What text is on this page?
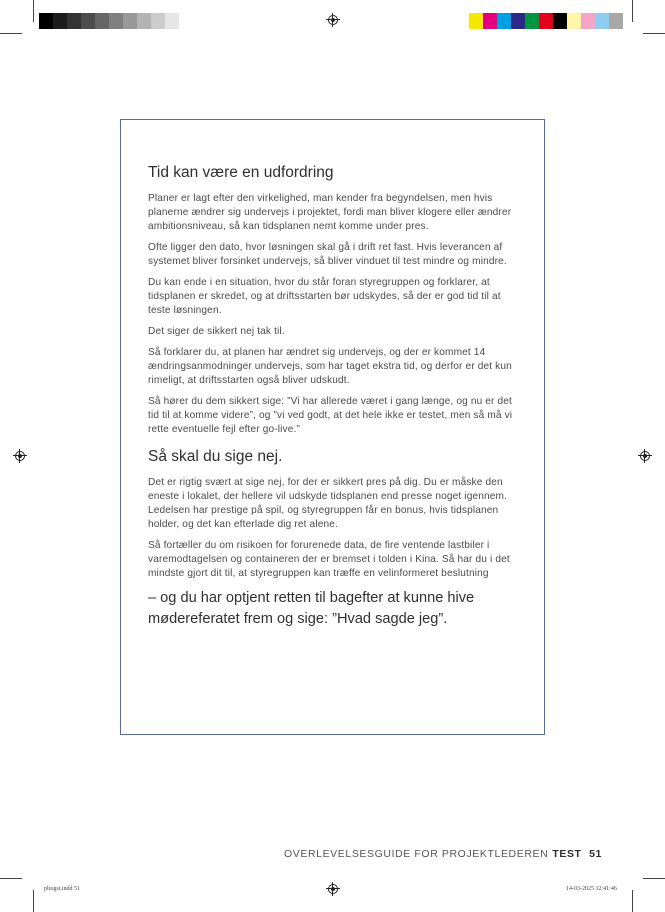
Tid kan være en udfordring

Planer er lagt efter den virkelighed, man kender fra begyndelsen, men hvis planerne ændrer sig undervejs i projektet, fordi man bliver klogere eller ændrer ambitionsniveau, så kan tidsplanen nemt komme under pres.

Ofte ligger den dato, hvor løsningen skal gå i drift ret fast. Hvis leverancen af systemet bliver forsinket undervejs, så bliver vinduet til test mindre og mindre.

Du kan ende i en situation, hvor du står foran styregruppen og forklarer, at tidsplanen er skredet, og at driftsstarten bør udskydes, så der er god tid til at teste løsningen.

Det siger de sikkert nej tak til.

Så forklarer du, at planen har ændret sig undervejs, og der er kommet 14 ændringsanmodninger undervejs, som har taget ekstra tid, og derfor er det kun rimeligt, at driftsstarten også bliver udskudt.

Så hører du dem sikkert sige: ”Vi har allerede været i gang længe, og nu er det tid til at komme videre”, og ”vi ved godt, at det hele ikke er testet, men så må vi rette eventuelle fejl efter go-live.”

Så skal du sige nej.

Det er rigtig svært at sige nej, for der er sikkert pres på dig. Du er måske den eneste i lokalet, der hellere vil udskyde tidsplanen end presse noget igennem. Ledelsen har prestige på spil, og styregruppen får en bonus, hvis tidsplanen holder, og det kan efterlade dig ret alene.

Så fortæller du om risikoen for forurenede data, de fire ventende lastbiler i varemodtagelsen og containeren der er bremset i tolden i Kina. Så har du i det mindste gjort dit til, at styregruppen kan træffe en velinformeret beslutning

– og du har optjent retten til bagefter at kunne hive mødereferatet frem og sige: ”Hvad sagde jeg”.

OVERLEVELSESGUIDE FOR PROJEKTLEDEREN TEST 51
pltogst.indd 51	14-03-2025 12:41:46
